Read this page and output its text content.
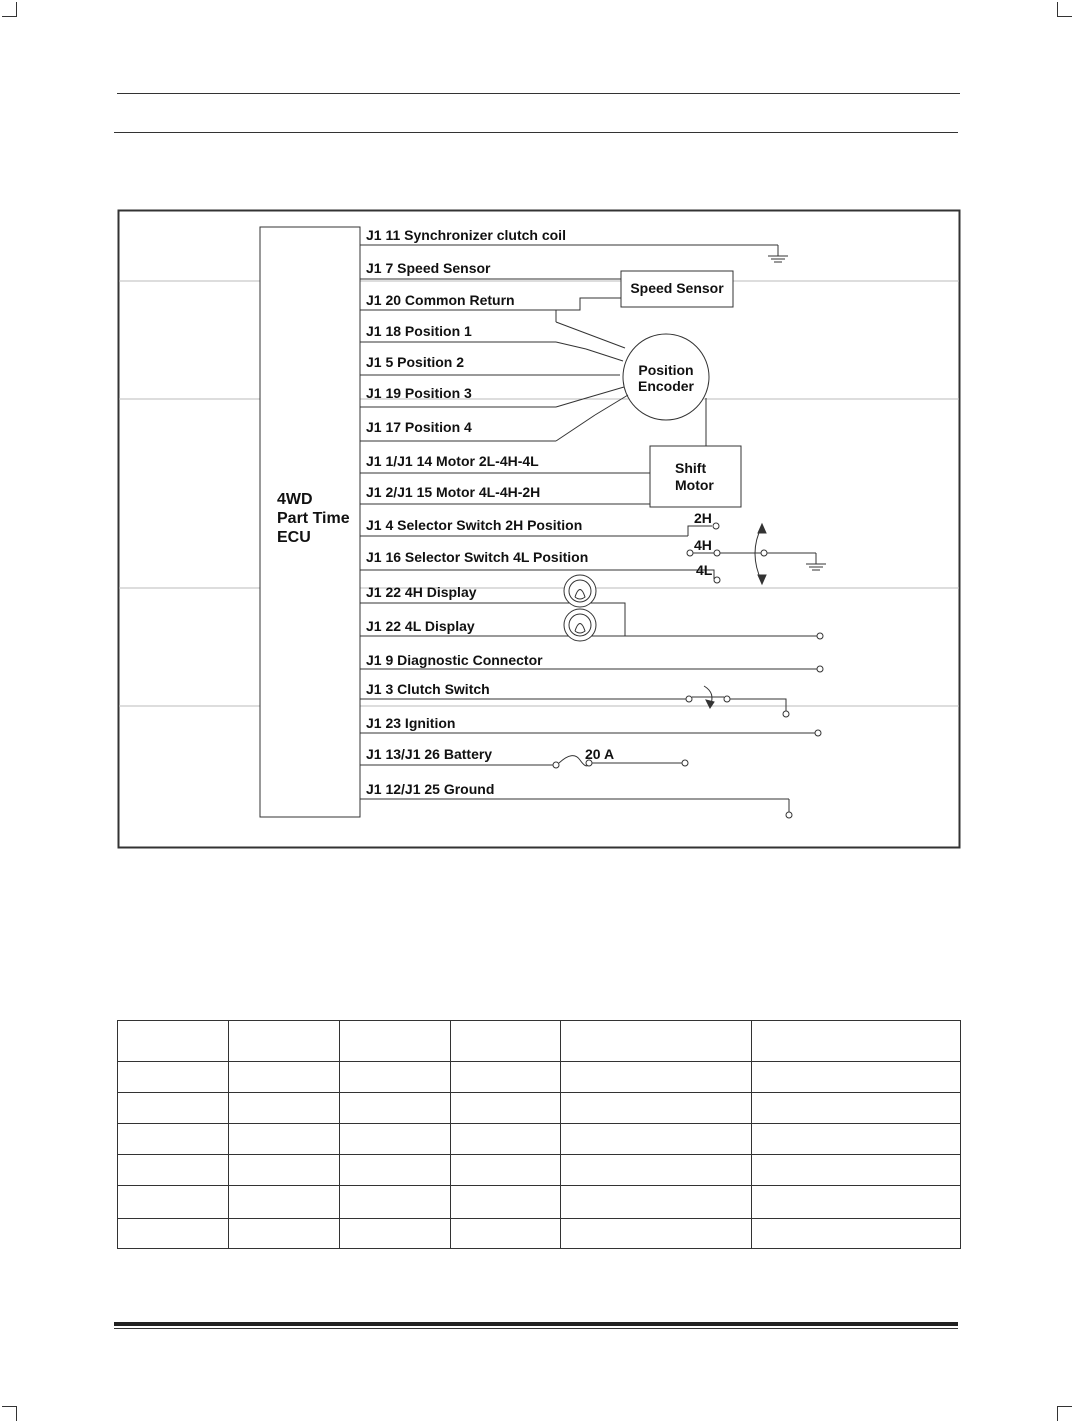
4WD
Part Time
ECU
J1 11 Synchronizer clutch coil
J1 7 Speed Sensor
J1 20 Common Return
J1 18 Position 1
J1 5 Position 2
J1 19 Position 3
J1 17 Position 4
J1 1/J1 14 Motor 2L-4H-4L
J1 2/J1 15 Motor 4L-4H-2H
J1 4 Selector Switch 2H Position
J1 16 Selector Switch 4L Position
J1 22 4H Display
J1 22 4L Display
J1 9 Diagnostic Connector
J1 3 Clutch Switch
J1 23 Ignition
J1 13/J1 26 Battery
J1 12/J1 25 Ground
Speed Sensor
Position
Encoder
Shift
Motor
2H
4H
4L
20 A
